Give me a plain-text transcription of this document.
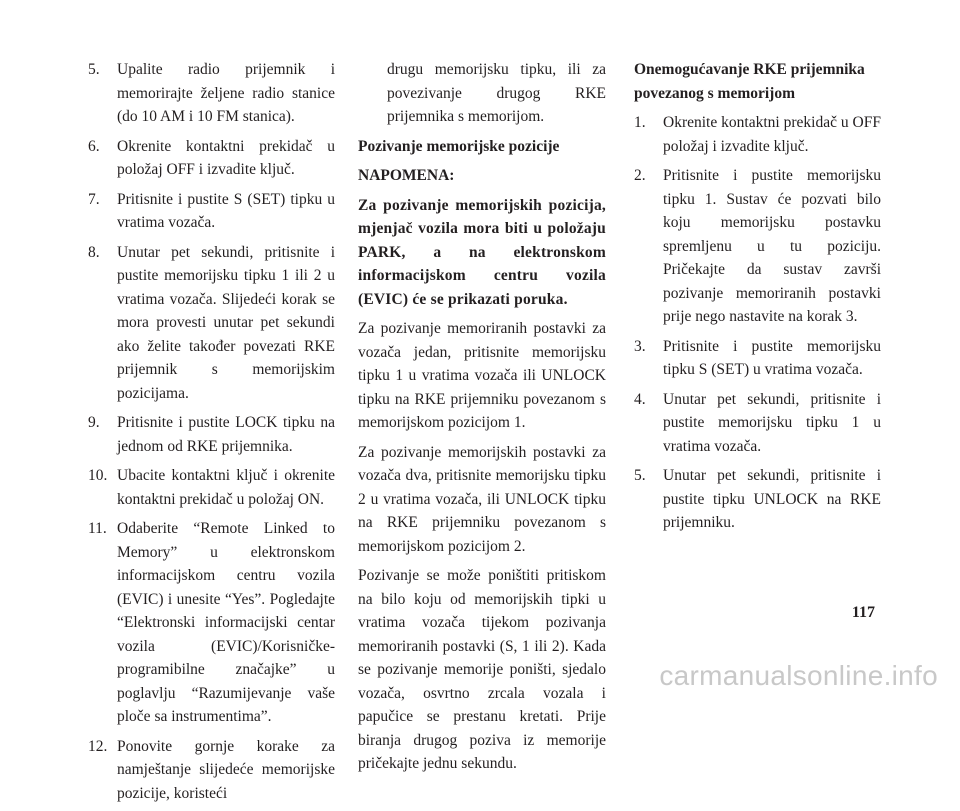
5.	Upalite radio prijemnik i memorirajte željene radio stanice (do 10 AM i 10 FM stanica).
6.	Okrenite kontaktni prekidač u položaj OFF i izvadite ključ.
7.	Pritisnite i pustite S (SET) tipku u vratima vozača.
8.	Unutar pet sekundi, pritisnite i pustite memorijsku tipku 1 ili 2 u vratima vozača. Slijedeći korak se mora provesti unutar pet sekundi ako želite također povezati RKE prijemnik s memorijskim pozicijama.
9.	Pritisnite i pustite LOCK tipku na jednom od RKE prijemnika.
10. Ubacite kontaktni ključ i okrenite kontaktni prekidač u položaj ON.
11. Odaberite “Remote Linked to Memory” u elektronskom informacijskom centru vozila (EVIC) i unesite “Yes”. Pogledajte “Elektronski informacijski centar vozila (EVIC)/Korisničke-programibilne značajke” u poglavlju “Razumijevanje vaše ploče sa instrumentima”.
12. Ponovite gornje korake za namještanje slijedeće memorijske pozicije, koristeći

drugu memorijsku tipku, ili za povezivanje drugog RKE prijemnika s memorijom.

Pozivanje memorijske pozicije

NAPOMENA:

Za pozivanje memorijskih pozicija, mjenjač vozila mora biti u položaju PARK, a na elektronskom informacijskom centru vozila (EVIC) će se prikazati poruka.

Za pozivanje memoriranih postavki za vozača jedan, pritisnite memorijsku tipku 1 u vratima vozača ili UNLOCK tipku na RKE prijemniku povezanom s memorijskom pozicijom 1.

Za pozivanje memorijskih postavki za vozača dva, pritisnite memorijsku tipku 2 u vratima vozača, ili UNLOCK tipku na RKE prijemniku povezanom s memorijskom pozicijom 2.

Pozivanje se može poništiti pritiskom na bilo koju od memorijskih tipki u vratima vozača tijekom pozivanja memoriranih postavki (S, 1 ili 2). Kada se pozivanje memorije poništi, sjedalo vozača, osvrtno zrcala vozala i papučice se prestanu kretati. Prije biranja drugog poziva iz memorije pričekajte jednu sekundu.

Onemogućavanje RKE prijemnika povezanog s memorijom

1.	Okrenite kontaktni prekidač u OFF položaj i izvadite ključ.
2.	Pritisnite i pustite memorijsku tipku 1. Sustav će pozvati bilo koju memorijsku postavku spremljenu u tu poziciju. Pričekajte da sustav završi pozivanje memoriranih postavki prije nego nastavite na korak 3.
3.	Pritisnite i pustite memorijsku tipku S (SET) u vratima vozača.
4.	Unutar pet sekundi, pritisnite i pustite memorijsku tipku 1 u vratima vozača.
5.	Unutar pet sekundi, pritisnite i pustite tipku UNLOCK na RKE prijemniku.
117
carmanualsonline.info
